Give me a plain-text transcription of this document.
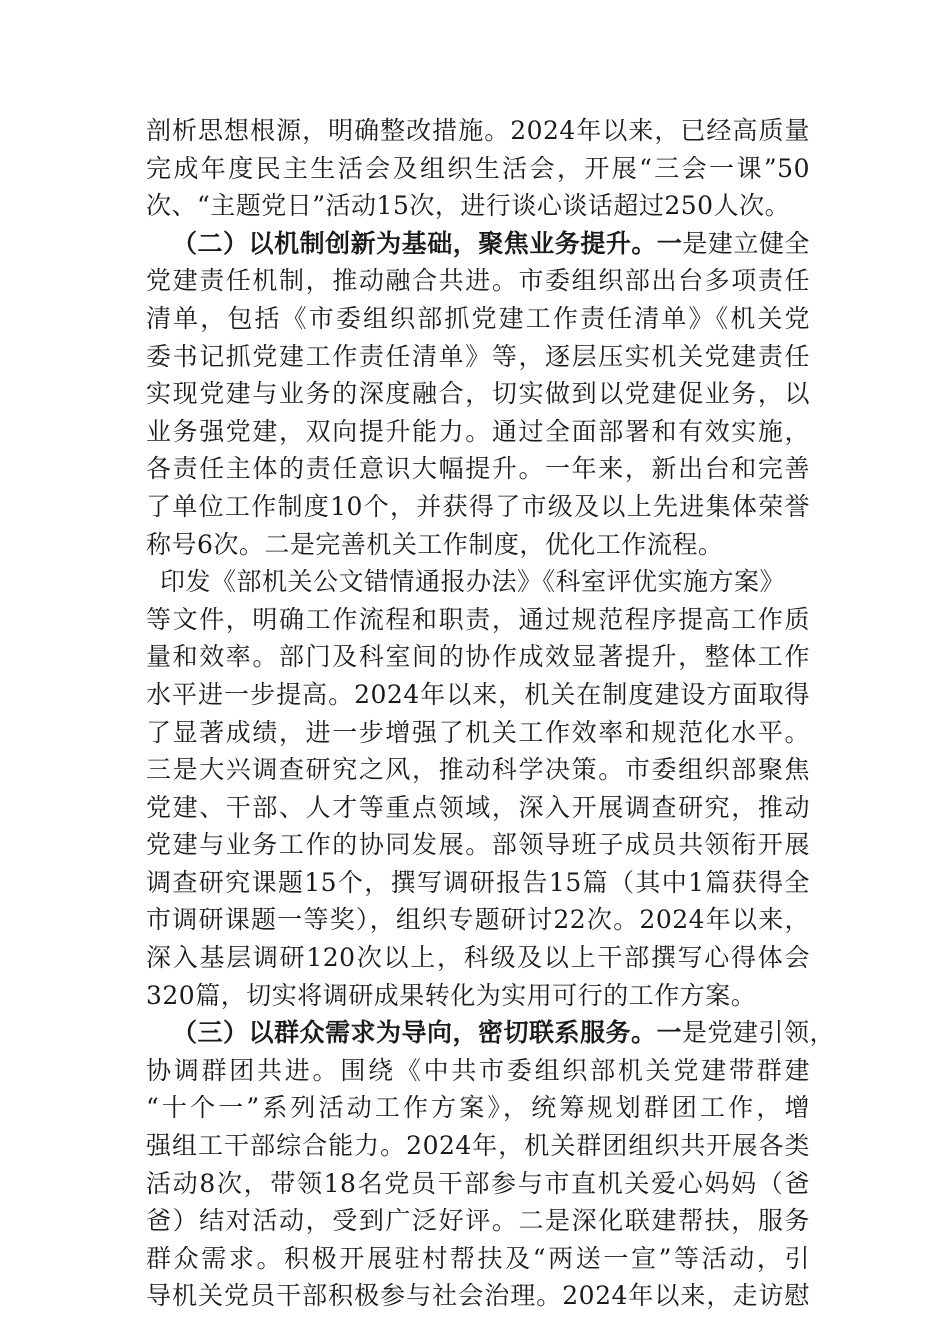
剖析思想根源，明确整改措施。2024年以来，已经高质量
完成年度民主生活会及组织生活会，开展“三会一课”50
次、“主题党日”活动15次，进行谈心谈话超过250人次。
（二）以机制创新为基础，聚焦业务提升。一是建立健全
党建责任机制，推动融合共进。市委组织部出台多项责任
清单，包括《市委组织部抓党建工作责任清单》《机关党
委书记抓党建工作责任清单》等，逐层压实机关党建责任
实现党建与业务的深度融合，切实做到以党建促业务，以
业务强党建，双向提升能力。通过全面部署和有效实施，
各责任主体的责任意识大幅提升。一年来，新出台和完善
了单位工作制度10个，并获得了市级及以上先进集体荣誉
称号6次。二是完善机关工作制度，优化工作流程。
印发《部机关公文错情通报办法》《科室评优实施方案》
等文件，明确工作流程和职责，通过规范程序提高工作质
量和效率。部门及科室间的协作成效显著提升，整体工作
水平进一步提高。2024年以来，机关在制度建设方面取得
了显著成绩，进一步增强了机关工作效率和规范化水平。
三是大兴调查研究之风，推动科学决策。市委组织部聚焦
党建、干部、人才等重点领域，深入开展调查研究，推动
党建与业务工作的协同发展。部领导班子成员共领衔开展
调查研究课题15个，撰写调研报告15篇（其中1篇获得全
市调研课题一等奖），组织专题研讨22次。2024年以来，
深入基层调研120次以上，科级及以上干部撰写心得体会
320篇，切实将调研成果转化为实用可行的工作方案。
（三）以群众需求为导向，密切联系服务。一是党建引领，
协调群团共进。围绕《中共市委组织部机关党建带群建
“十个一”系列活动工作方案》，统筹规划群团工作，增
强组工干部综合能力。2024年，机关群团组织共开展各类
活动8次，带领18名党员干部参与市直机关爱心妈妈（爸
爸）结对活动，受到广泛好评。二是深化联建帮扶，服务
群众需求。积极开展驻村帮扶及“两送一宣”等活动，引
导机关党员干部积极参与社会治理。2024年以来，走访慰
